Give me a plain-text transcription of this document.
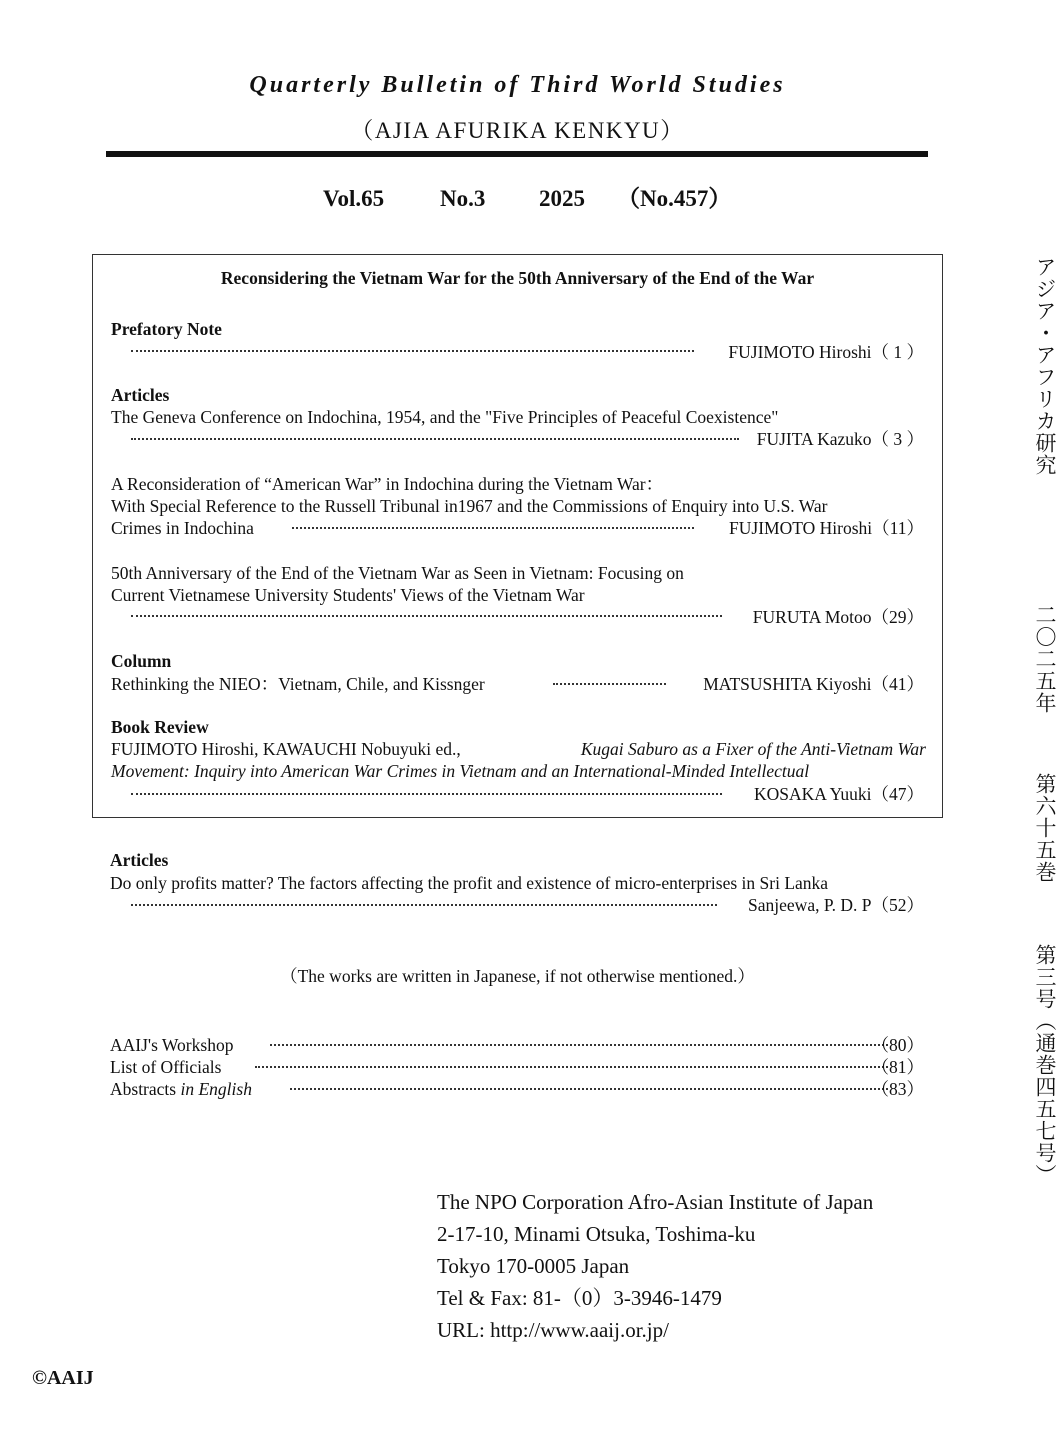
Quarterly Bulletin of Third World Studies
（AJIA AFURIKA KENKYU）
Vol.65 No.3 2025 （No.457）
Reconsidering the Vietnam War for the 50th Anniversary of the End of the War
Prefatory Note
FUJIMOTO Hiroshi（ 1 ）
Articles
The Geneva Conference on Indochina, 1954, and the "Five Principles of Peaceful Coexistence"
FUJITA Kazuko（ 3 ）
A Reconsideration of “American War” in Indochina during the Vietnam War：
With Special Reference to the Russell Tribunal in1967 and the Commissions of Enquiry into U.S. War
Crimes in Indochina	FUJIMOTO Hiroshi（11）
50th Anniversary of the End of the Vietnam War as Seen in Vietnam: Focusing on
Current Vietnamese University Students' Views of the Vietnam War
FURUTA Motoo（29）
Column
Rethinking the NIEO：Vietnam, Chile, and Kissnger	MATSUSHITA Kiyoshi（41）
Book Review
FUJIMOTO Hiroshi, KAWAUCHI Nobuyuki ed.,	Kugai Saburo as a Fixer of the Anti-Vietnam War
Movement: Inquiry into American War Crimes in Vietnam and an International-Minded Intellectual
KOSAKA Yuuki（47）
Articles
Do only profits matter? The factors affecting the profit and existence of micro-enterprises in Sri Lanka
Sanjeewa, P. D. P（52）
（The works are written in Japanese, if not otherwise mentioned.）
AAIJ's Workshop	（80）
List of Officials	（81）
Abstracts in English	（83）
アジア・アフリカ研究
二〇二五年
第六十五巻
第三号（通巻四五七号）
The NPO Corporation Afro-Asian Institute of Japan
2-17-10, Minami Otsuka, Toshima-ku
Tokyo 170-0005 Japan
Tel & Fax: 81-（0）3-3946-1479
URL: http://www.aaij.or.jp/
©AAIJ
